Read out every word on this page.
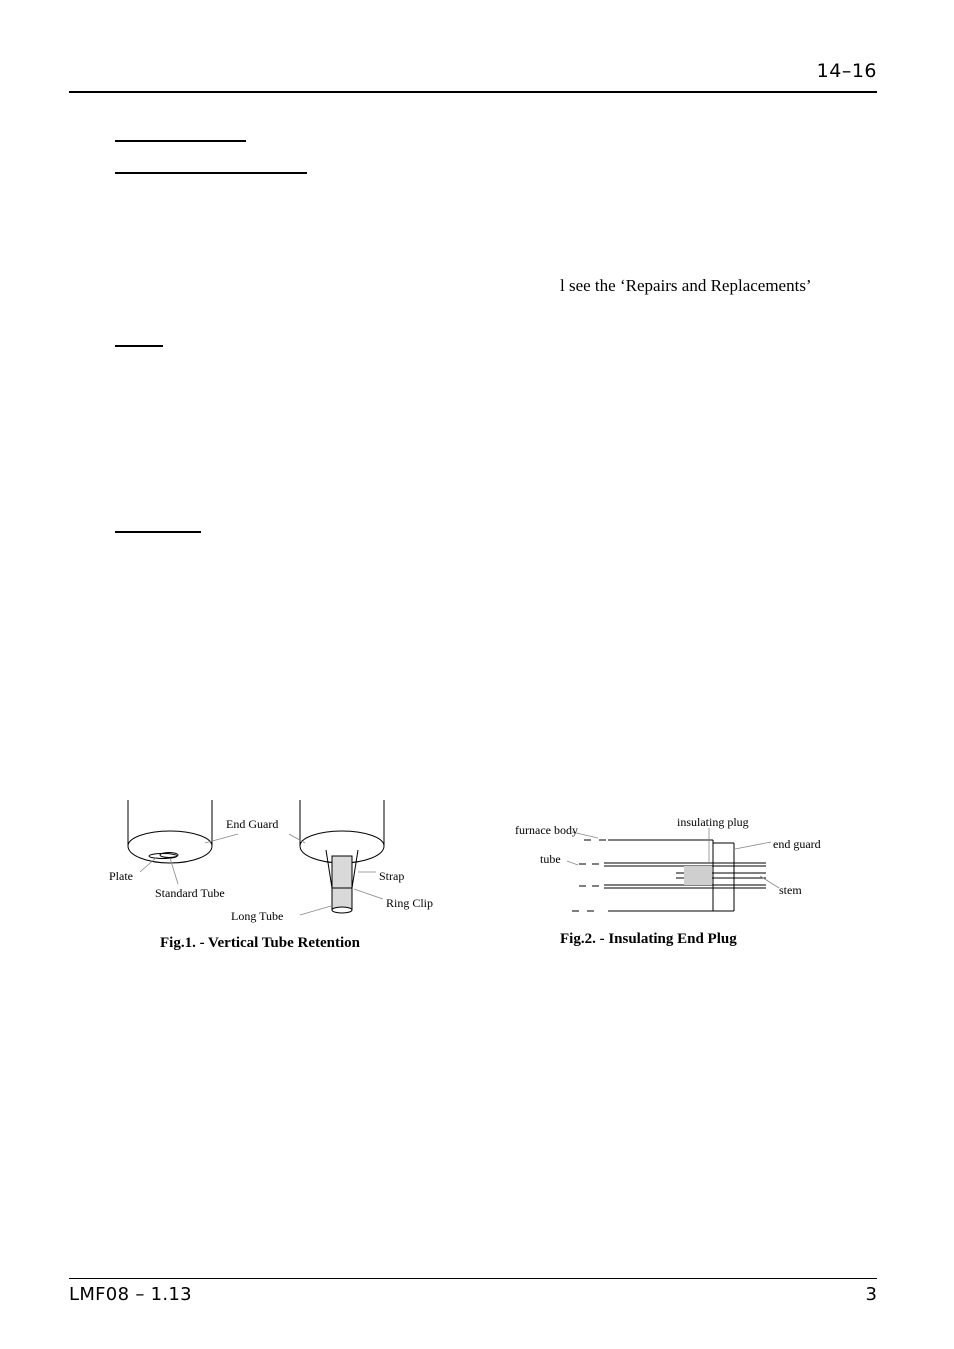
14–16
l see the ‘Repairs and Replacements’
End Guard
Plate
Standard Tube
Strap
Ring Clip
Long Tube
Fig.1. - Vertical Tube Retention
furnace body
insulating plug
end guard
tube
stem
Fig.2. - Insulating End Plug
LMF08 – 1.13	3
